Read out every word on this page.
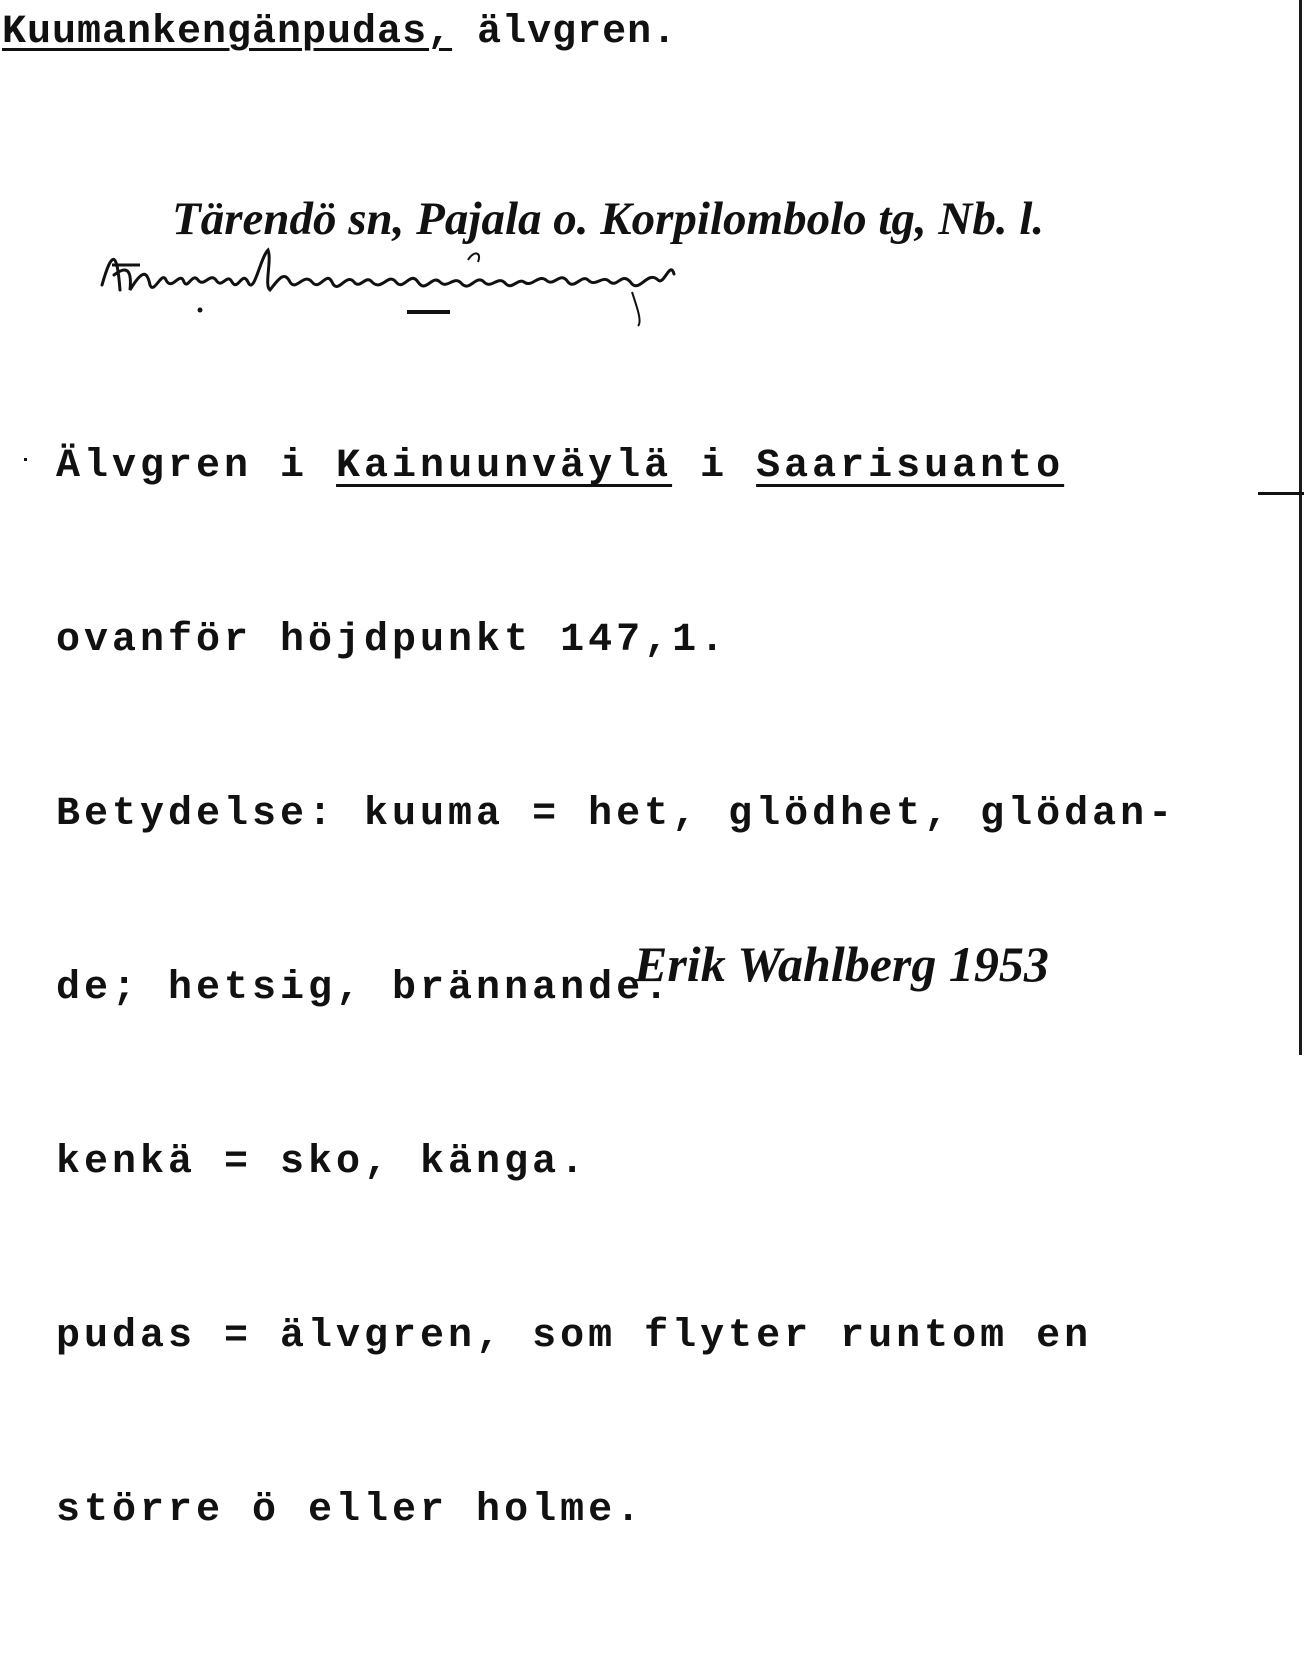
Kuumankengänpudas, älvgren.
Tärendö sn, Pajala o. Korpilombolo tg, Nb. l.

Älvgren i Kainuunväylä i Saarisuanto

ovanför höjdpunkt 147,1.

Betydelse: kuuma = het, glödhet, glödan-

de; hetsig, brännande.

kenkä = sko, känga.

pudas = älvgren, som flyter runtom en

större ö eller holme.

Erik Wahlberg 1953
